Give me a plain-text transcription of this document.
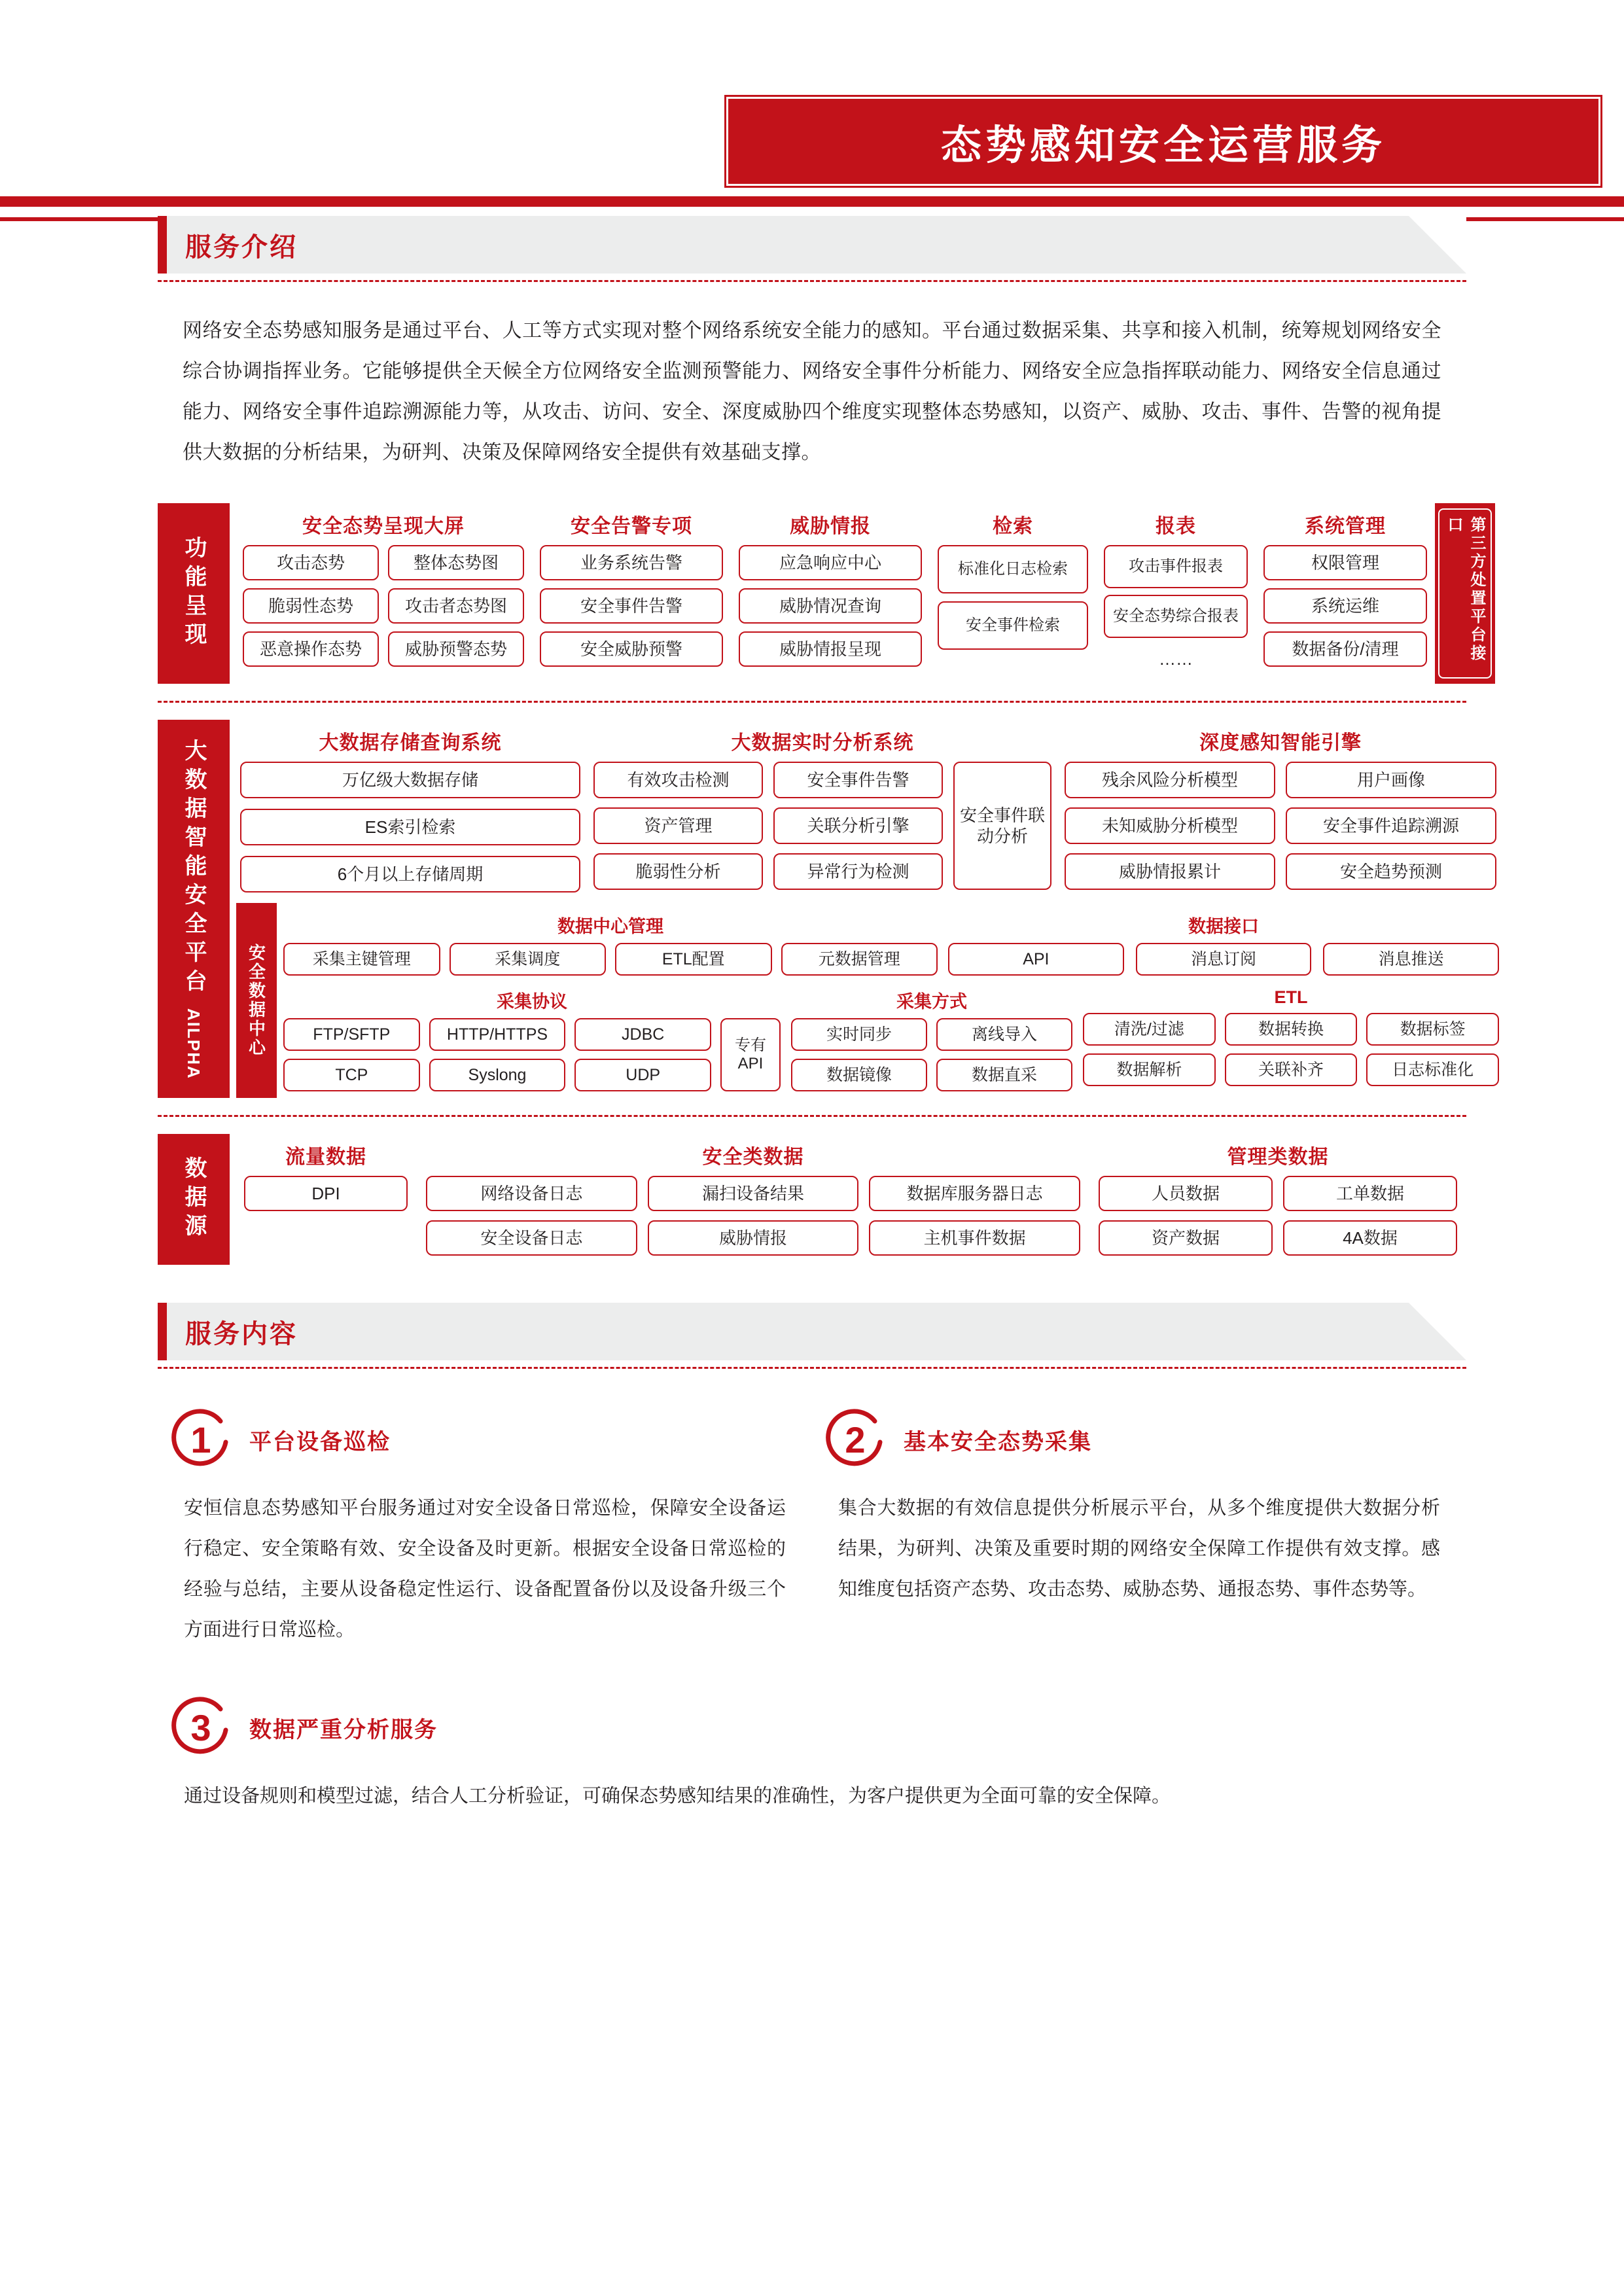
态势感知安全运营服务
服务介绍

网络安全态势感知服务是通过平台、人工等方式实现对整个网络系统安全能力的感知。平台通过数据采集、共享和接入机制，统筹规划网络安全综合协调指挥业务。它能够提供全天候全方位网络安全监测预警能力、网络安全事件分析能力、网络安全应急指挥联动能力、网络安全信息通过能力、网络安全事件追踪溯源能力等，从攻击、访问、安全、深度威胁四个维度实现整体态势感知，以资产、威胁、攻击、事件、告警的视角提供大数据的分析结果，为研判、决策及保障网络安全提供有效基础支撑。

功能呈现
安全态势呈现大屏
攻击态势	整体态势图
脆弱性态势	攻击者态势图
恶意操作态势	威胁预警态势
安全告警专项
业务系统告警
安全事件告警
安全威胁预警
威胁情报
应急响应中心
威胁情况查询
威胁情报呈现
检索
标准化日志检索
安全事件检索
报表
攻击事件报表
安全态势综合报表
……
系统管理
权限管理
系统运维
数据备份/清理	第三方处置平台接口
大数据智能安全平台
AILPHA
大数据存储查询系统
万亿级大数据存储
ES索引检索
6个月以上存储周期
大数据实时分析系统
有效攻击检测	安全事件告警
资产管理	关联分析引擎
脆弱性分析	异常行为检测
安全事件联动分析
深度感知智能引擎
残余风险分析模型	用户画像
未知威胁分析模型	安全事件追踪溯源
威胁情报累计	安全趋势预测
安全数据中心
数据中心管理
采集主键管理	采集调度	ETL配置	元数据管理
数据接口
API	消息订阅	消息推送
采集协议
FTP/SFTP	HTTP/HTTPS	JDBC
TCP	Syslong	UDP
专有API
采集方式
实时同步	离线导入
数据镜像	数据直采
ETL
清洗/过滤	数据转换	数据标签
数据解析	关联补齐	日志标准化
数据源	流量数据
DPI
安全类数据
网络设备日志	漏扫设备结果	数据库服务器日志
安全设备日志	威胁情报	主机事件数据
管理类数据
人员数据	工单数据
资产数据	4A数据
服务内容
1	平台设备巡检
安恒信息态势感知平台服务通过对安全设备日常巡检，保障安全设备运行稳定、安全策略有效、安全设备及时更新。根据安全设备日常巡检的经验与总结，主要从设备稳定性运行、设备配置备份以及设备升级三个方面进行日常巡检。
2	基本安全态势采集
集合大数据的有效信息提供分析展示平台，从多个维度提供大数据分析结果，为研判、决策及重要时期的网络安全保障工作提供有效支撑。感知维度包括资产态势、攻击态势、威胁态势、通报态势、事件态势等。
3	数据严重分析服务
通过设备规则和模型过滤，结合人工分析验证，可确保态势感知结果的准确性，为客户提供更为全面可靠的安全保障。
